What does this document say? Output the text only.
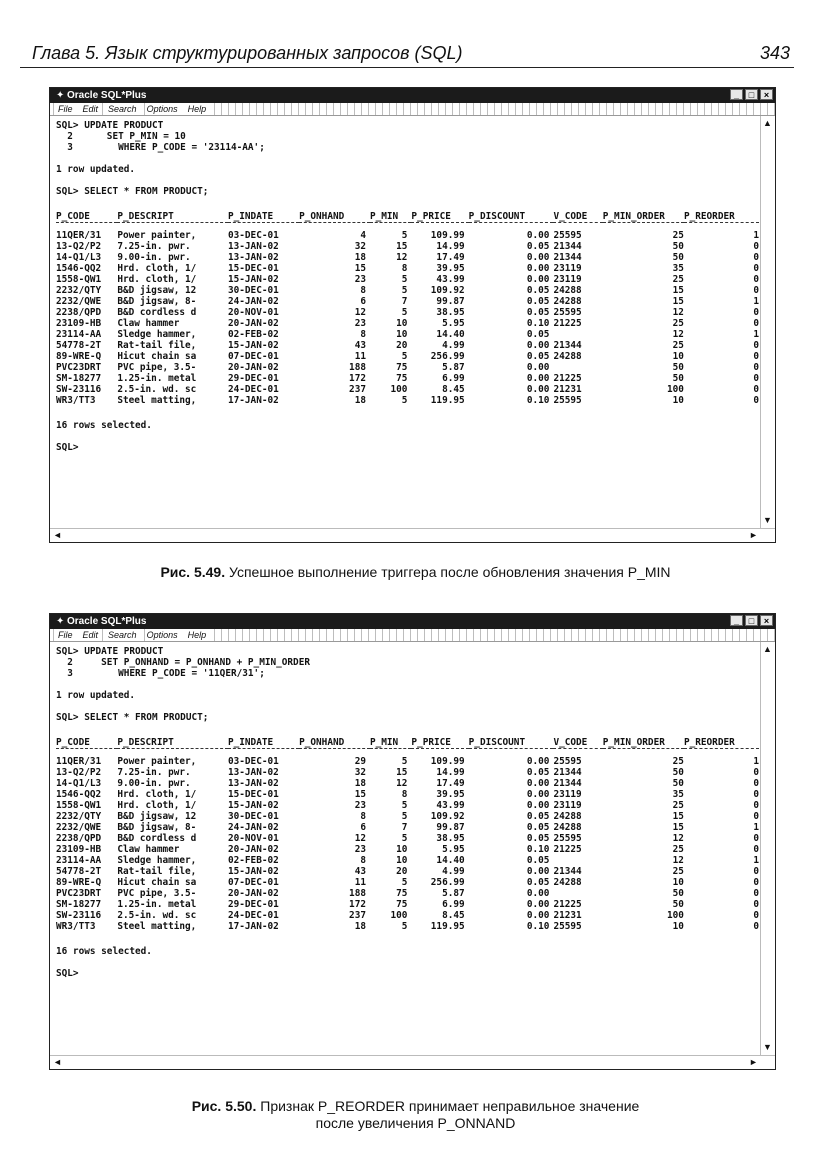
Глава 5. Язык структурированных запросов (SQL)	343
✦ Oracle SQL*Plus	_	□	×
File Edit Search Options Help
SQL> UPDATE PRODUCT
2      SET P_MIN = 10
3        WHERE P_CODE = '23114-AA';
1 row updated.
SQL> SELECT * FROM PRODUCT;
P_CODE	P_DESCRIPT	P_INDATE	P_ONHAND	P_MIN	P_PRICE	P_DISCOUNT	V_CODE	P_MIN_ORDER	P_REORDER

11QER/31	Power painter,	03-DEC-01	4	5	109.99	0.00	25595	25	1
13-Q2/P2	7.25-in. pwr.	13-JAN-02	32	15	14.99	0.05	21344	50	0
14-Q1/L3	9.00-in. pwr.	13-JAN-02	18	12	17.49	0.00	21344	50	0
1546-QQ2	Hrd. cloth, 1/	15-DEC-01	15	8	39.95	0.00	23119	35	0
1558-QW1	Hrd. cloth, 1/	15-JAN-02	23	5	43.99	0.00	23119	25	0
2232/QTY	B&D jigsaw, 12	30-DEC-01	8	5	109.92	0.05	24288	15	0
2232/QWE	B&D jigsaw, 8-	24-JAN-02	6	7	99.87	0.05	24288	15	1
2238/QPD	B&D cordless d	20-NOV-01	12	5	38.95	0.05	25595	12	0
23109-HB	Claw hammer	20-JAN-02	23	10	5.95	0.10	21225	25	0
23114-AA	Sledge hammer,	02-FEB-02	8	10	14.40	0.05		12	1
54778-2T	Rat-tail file,	15-JAN-02	43	20	4.99	0.00	21344	25	0
89-WRE-Q	Hicut chain sa	07-DEC-01	11	5	256.99	0.05	24288	10	0
PVC23DRT	PVC pipe, 3.5-	20-JAN-02	188	75	5.87	0.00		50	0
SM-18277	1.25-in. metal	29-DEC-01	172	75	6.99	0.00	21225	50	0
SW-23116	2.5-in. wd. sc	24-DEC-01	237	100	8.45	0.00	21231	100	0
WR3/TT3	Steel matting,	17-JAN-02	18	5	119.95	0.10	25595	10	0
16 rows selected.
SQL>
▲
▼
◄	►
Рис. 5.49. Успешное выполнение триггера после обновления значения P_MIN
✦ Oracle SQL*Plus	_	□	×
File Edit Search Options Help
SQL> UPDATE PRODUCT
2     SET P_ONHAND = P_ONHAND + P_MIN_ORDER
3        WHERE P_CODE = '11QER/31';
1 row updated.
SQL> SELECT * FROM PRODUCT;
P_CODE	P_DESCRIPT	P_INDATE	P_ONHAND	P_MIN	P_PRICE	P_DISCOUNT	V_CODE	P_MIN_ORDER	P_REORDER

11QER/31	Power painter,	03-DEC-01	29	5	109.99	0.00	25595	25	1
13-Q2/P2	7.25-in. pwr.	13-JAN-02	32	15	14.99	0.05	21344	50	0
14-Q1/L3	9.00-in. pwr.	13-JAN-02	18	12	17.49	0.00	21344	50	0
1546-QQ2	Hrd. cloth, 1/	15-DEC-01	15	8	39.95	0.00	23119	35	0
1558-QW1	Hrd. cloth, 1/	15-JAN-02	23	5	43.99	0.00	23119	25	0
2232/QTY	B&D jigsaw, 12	30-DEC-01	8	5	109.92	0.05	24288	15	0
2232/QWE	B&D jigsaw, 8-	24-JAN-02	6	7	99.87	0.05	24288	15	1
2238/QPD	B&D cordless d	20-NOV-01	12	5	38.95	0.05	25595	12	0
23109-HB	Claw hammer	20-JAN-02	23	10	5.95	0.10	21225	25	0
23114-AA	Sledge hammer,	02-FEB-02	8	10	14.40	0.05		12	1
54778-2T	Rat-tail file,	15-JAN-02	43	20	4.99	0.00	21344	25	0
89-WRE-Q	Hicut chain sa	07-DEC-01	11	5	256.99	0.05	24288	10	0
PVC23DRT	PVC pipe, 3.5-	20-JAN-02	188	75	5.87	0.00		50	0
SM-18277	1.25-in. metal	29-DEC-01	172	75	6.99	0.00	21225	50	0
SW-23116	2.5-in. wd. sc	24-DEC-01	237	100	8.45	0.00	21231	100	0
WR3/TT3	Steel matting,	17-JAN-02	18	5	119.95	0.10	25595	10	0
16 rows selected.
SQL>
▲
▼
◄	►
Рис. 5.50. Признак P_REORDER принимает неправильное значение
после увеличения P_ONNAND
